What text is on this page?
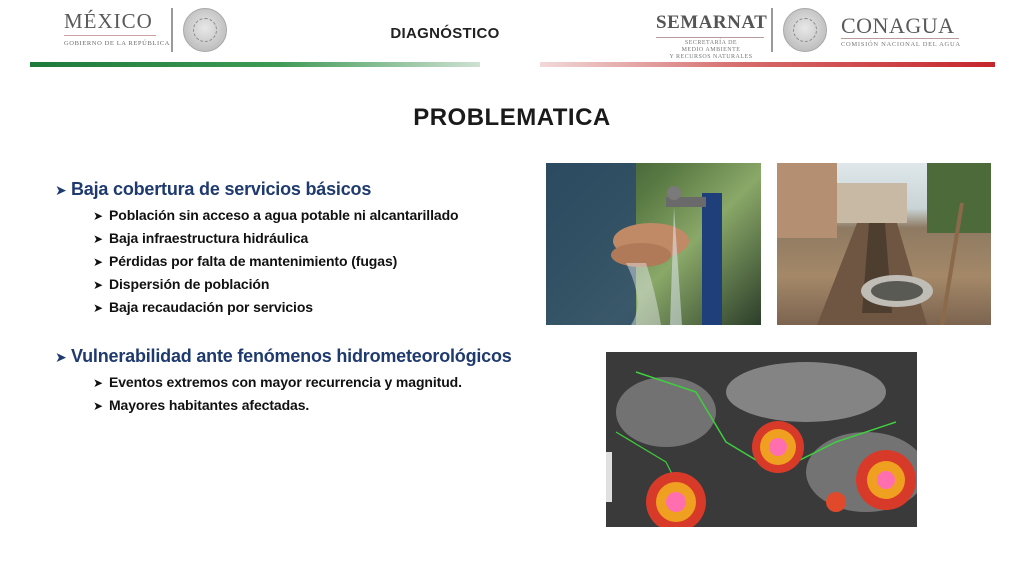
MÉXICO
GOBIERNO DE LA REPÚBLICA
DIAGNÓSTICO
SEMARNAT
SECRETARÍA DE
MEDIO AMBIENTE
Y RECURSOS NATURALES
CONAGUA
COMISIÓN NACIONAL DEL AGUA
PROBLEMATICA
➤ Baja cobertura de servicios básicos
➤ Población sin acceso a agua potable ni alcantarillado
➤ Baja infraestructura hidráulica
➤ Pérdidas por falta de mantenimiento (fugas)
➤ Dispersión de población
➤ Baja recaudación por servicios
➤ Vulnerabilidad ante fenómenos hidrometeorológicos
➤ Eventos extremos con mayor recurrencia y magnitud.
➤ Mayores habitantes afectadas.
